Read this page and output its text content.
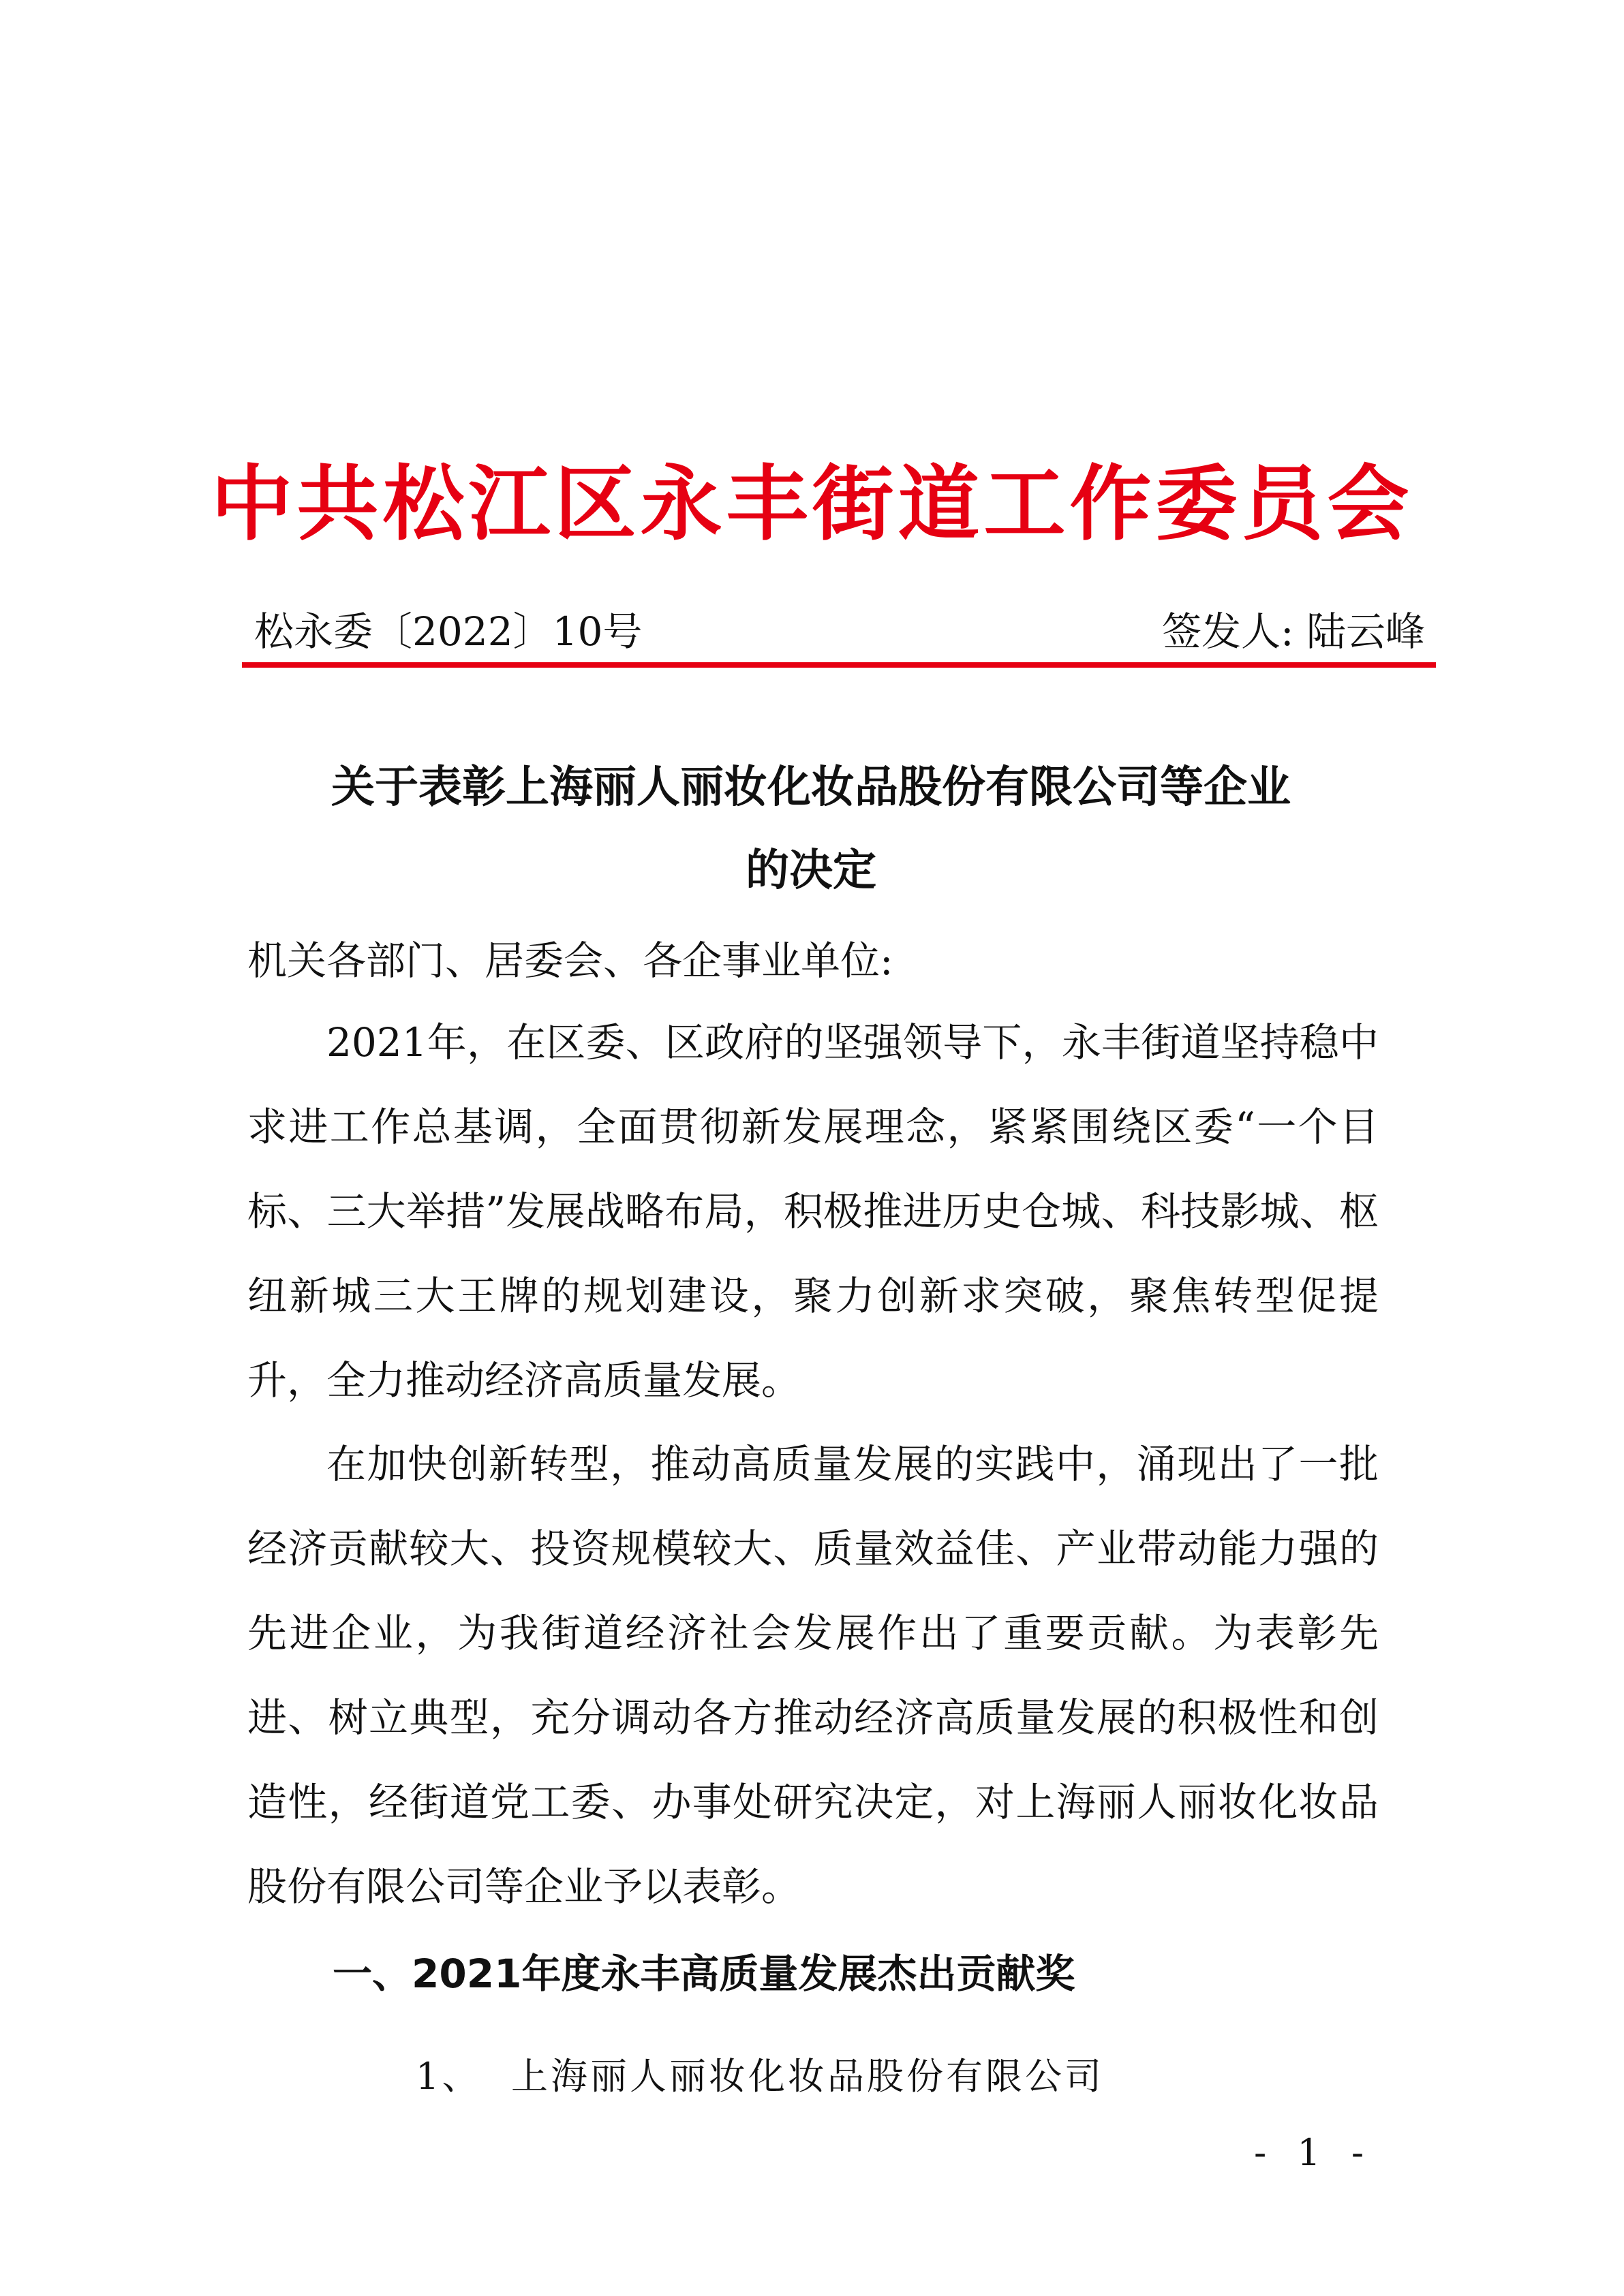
中共松江区永丰街道工作委员会
松永委〔2022〕10号	签发人: 陆云峰
关于表彰上海丽人丽妆化妆品股份有限公司等企业
的决定
机关各部门、居委会、各企事业单位:

2021年，在区委、区政府的坚强领导下，永丰街道坚持稳中求进工作总基调，全面贯彻新发展理念，紧紧围绕区委“一个目标、三大举措”发展战略布局，积极推进历史仓城、科技影城、枢纽新城三大王牌的规划建设，聚力创新求突破，聚焦转型促提升，全力推动经济高质量发展。

在加快创新转型，推动高质量发展的实践中，涌现出了一批经济贡献较大、投资规模较大、质量效益佳、产业带动能力强的先进企业，为我街道经济社会发展作出了重要贡献。为表彰先进、树立典型，充分调动各方推动经济高质量发展的积极性和创造性，经街道党工委、办事处研究决定，对上海丽人丽妆化妆品股份有限公司等企业予以表彰。

一、2021年度永丰高质量发展杰出贡献奖
1、 上海丽人丽妆化妆品股份有限公司
- 1 -
